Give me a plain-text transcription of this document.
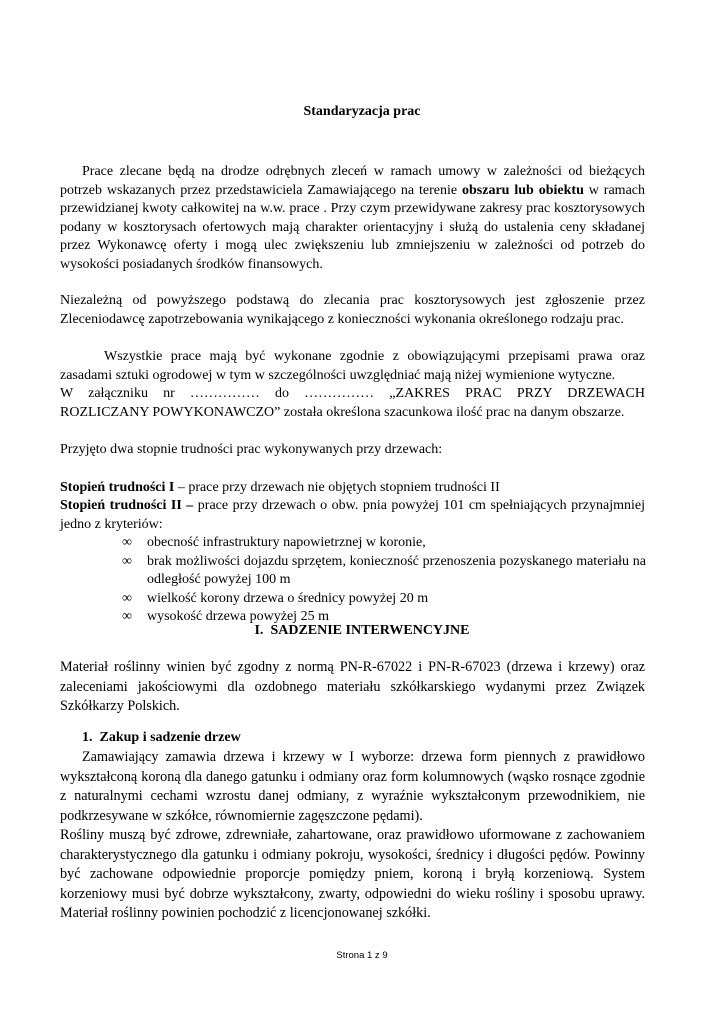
Standaryzacja prac
Prace zlecane będą na drodze odrębnych zleceń w ramach umowy w zależności od bieżących potrzeb wskazanych przez przedstawiciela Zamawiającego na terenie obszaru lub obiektu w ramach przewidzianej kwoty całkowitej na w.w. prace . Przy czym przewidywane zakresy prac kosztorysowych podany w kosztorysach ofertowych mają charakter orientacyjny i służą do ustalenia ceny składanej przez Wykonawcę oferty i mogą ulec zwiększeniu lub zmniejszeniu w zależności od potrzeb do wysokości posiadanych środków finansowych.
Niezależną od powyższego podstawą do zlecania prac kosztorysowych jest zgłoszenie przez Zleceniodawcę zapotrzebowania wynikającego z konieczności wykonania określonego rodzaju prac.
Wszystkie prace mają być wykonane zgodnie z obowiązującymi przepisami prawa oraz zasadami sztuki ogrodowej w tym w szczególności uwzględniać mają niżej wymienione wytyczne.
W załączniku nr …………… do …………… „ZAKRES PRAC PRZY DRZEWACH
ROZLICZANY POWYKONAWCZO” została określona szacunkowa ilość prac na danym obszarze.
Przyjęto dwa stopnie trudności prac wykonywanych przy drzewach:
Stopień trudności I – prace przy drzewach nie objętych stopniem trudności II
Stopień trudności II – prace przy drzewach o obw. pnia powyżej 101 cm spełniających przynajmniej jedno z kryteriów:
∞ obecność infrastruktury napowietrznej w koronie,
∞ brak możliwości dojazdu sprzętem, konieczność przenoszenia pozyskanego materiału na odległość powyżej 100 m
∞ wielkość korony drzewa o średnicy powyżej 20 m
∞ wysokość drzewa powyżej 25 m
I. SADZENIE INTERWENCYJNE
Materiał roślinny winien być zgodny z normą PN-R-67022 i PN-R-67023 (drzewa i krzewy) oraz zaleceniami jakościowymi dla ozdobnego materiału szkółkarskiego wydanymi przez Związek Szkółkarzy Polskich.
1. Zakup i sadzenie drzew
Zamawiający zamawia drzewa i krzewy w I wyborze: drzewa form piennych z prawidłowo wykształconą koroną dla danego gatunku i odmiany oraz form kolumnowych (wąsko rosnące zgodnie z naturalnymi cechami wzrostu danej odmiany, z wyraźnie wykształconym przewodnikiem, nie podkrzesywane w szkółce, równomiernie zagęszczone pędami).
Rośliny muszą być zdrowe, zdrewniałe, zahartowane, oraz prawidłowo uformowane z zachowaniem charakterystycznego dla gatunku i odmiany pokroju, wysokości, średnicy i długości pędów. Powinny być zachowane odpowiednie proporcje pomiędzy pniem, koroną i bryłą korzeniową. System korzeniowy musi być dobrze wykształcony, zwarty, odpowiedni do wieku rośliny i sposobu uprawy. Materiał roślinny powinien pochodzić z licencjonowanej szkółki.
Strona 1 z 9
